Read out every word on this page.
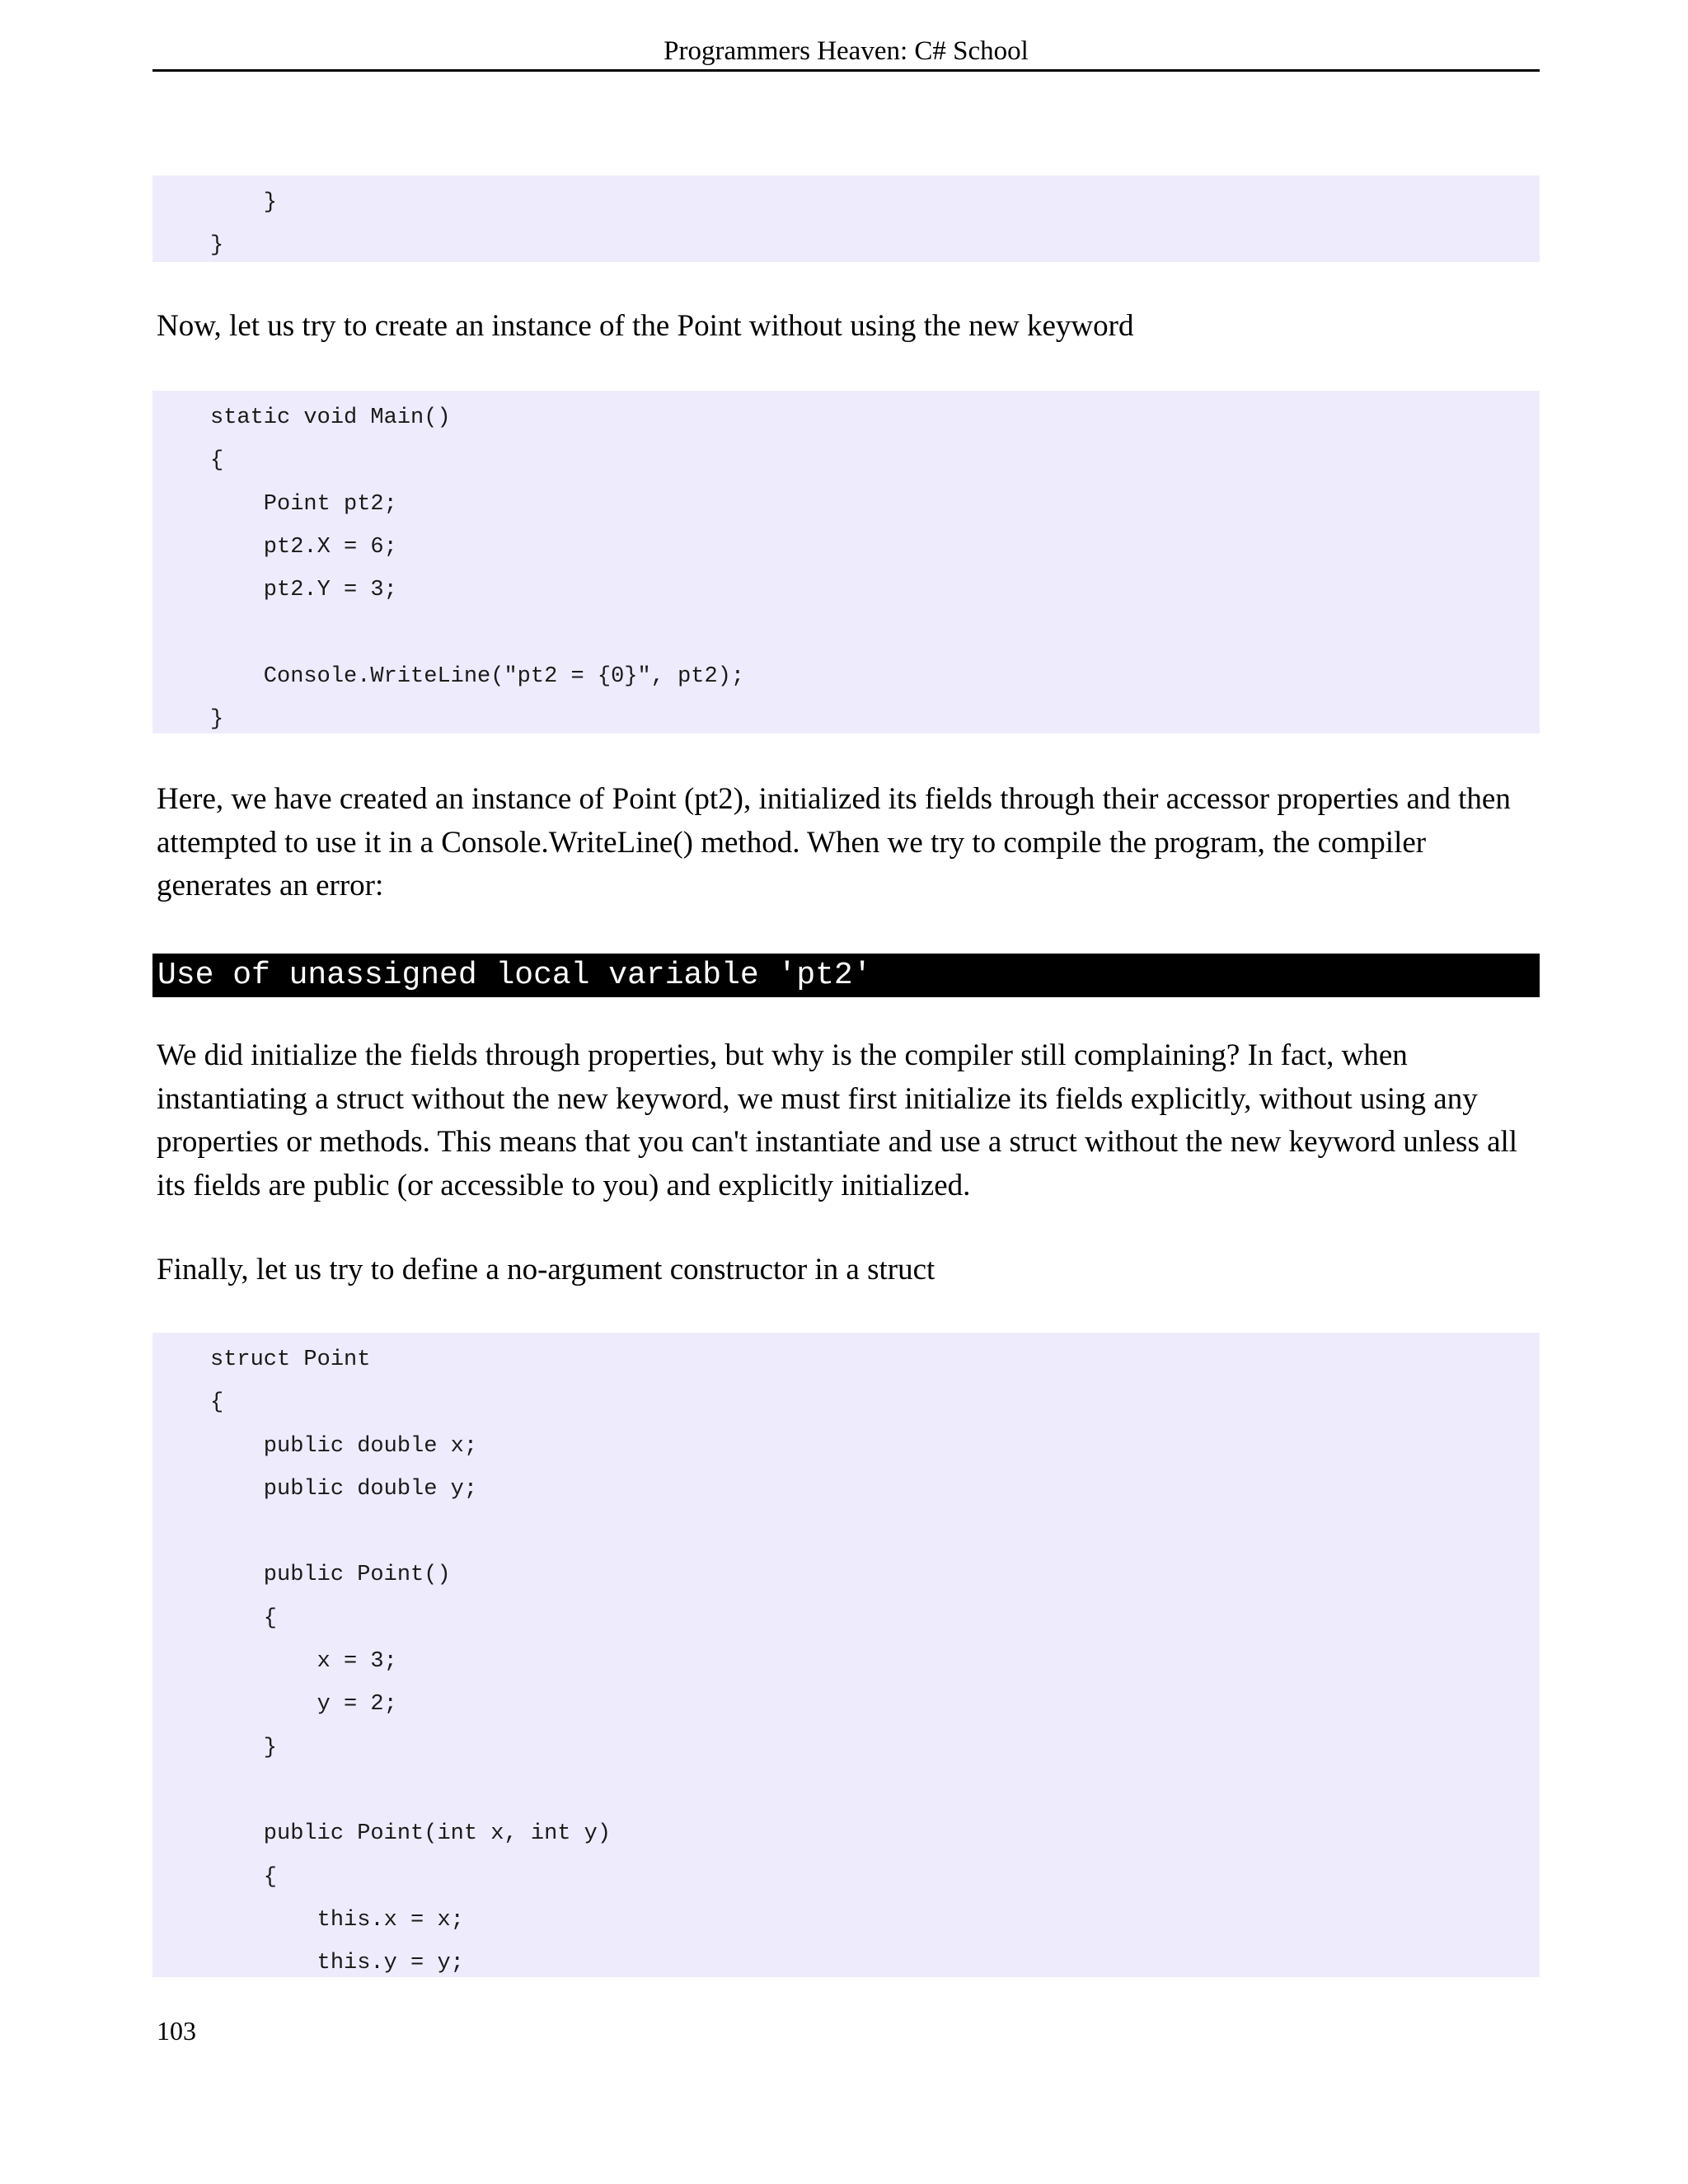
Programmers Heaven: C# School
}
}

Now, let us try to create an instance of the Point without using the new keyword

static void Main()
{
Point pt2;
pt2.X = 6;
pt2.Y = 3;
Console.WriteLine("pt2 = {0}", pt2);
}

Here, we have created an instance of Point (pt2), initialized its fields through their accessor properties and then attempted to use it in a Console.WriteLine() method. When we try to compile the program, the compiler generates an error:

Use of unassigned local variable 'pt2'

We did initialize the fields through properties, but why is the compiler still complaining? In fact, when instantiating a struct without the new keyword, we must first initialize its fields explicitly, without using any properties or methods. This means that you can't instantiate and use a struct without the new keyword unless all its fields are public (or accessible to you) and explicitly initialized.

Finally, let us try to define a no-argument constructor in a struct

struct Point
{
public double x;
public double y;
public Point()
{
x = 3;
y = 2;
}
public Point(int x, int y)
{
this.x = x;
this.y = y;
103
